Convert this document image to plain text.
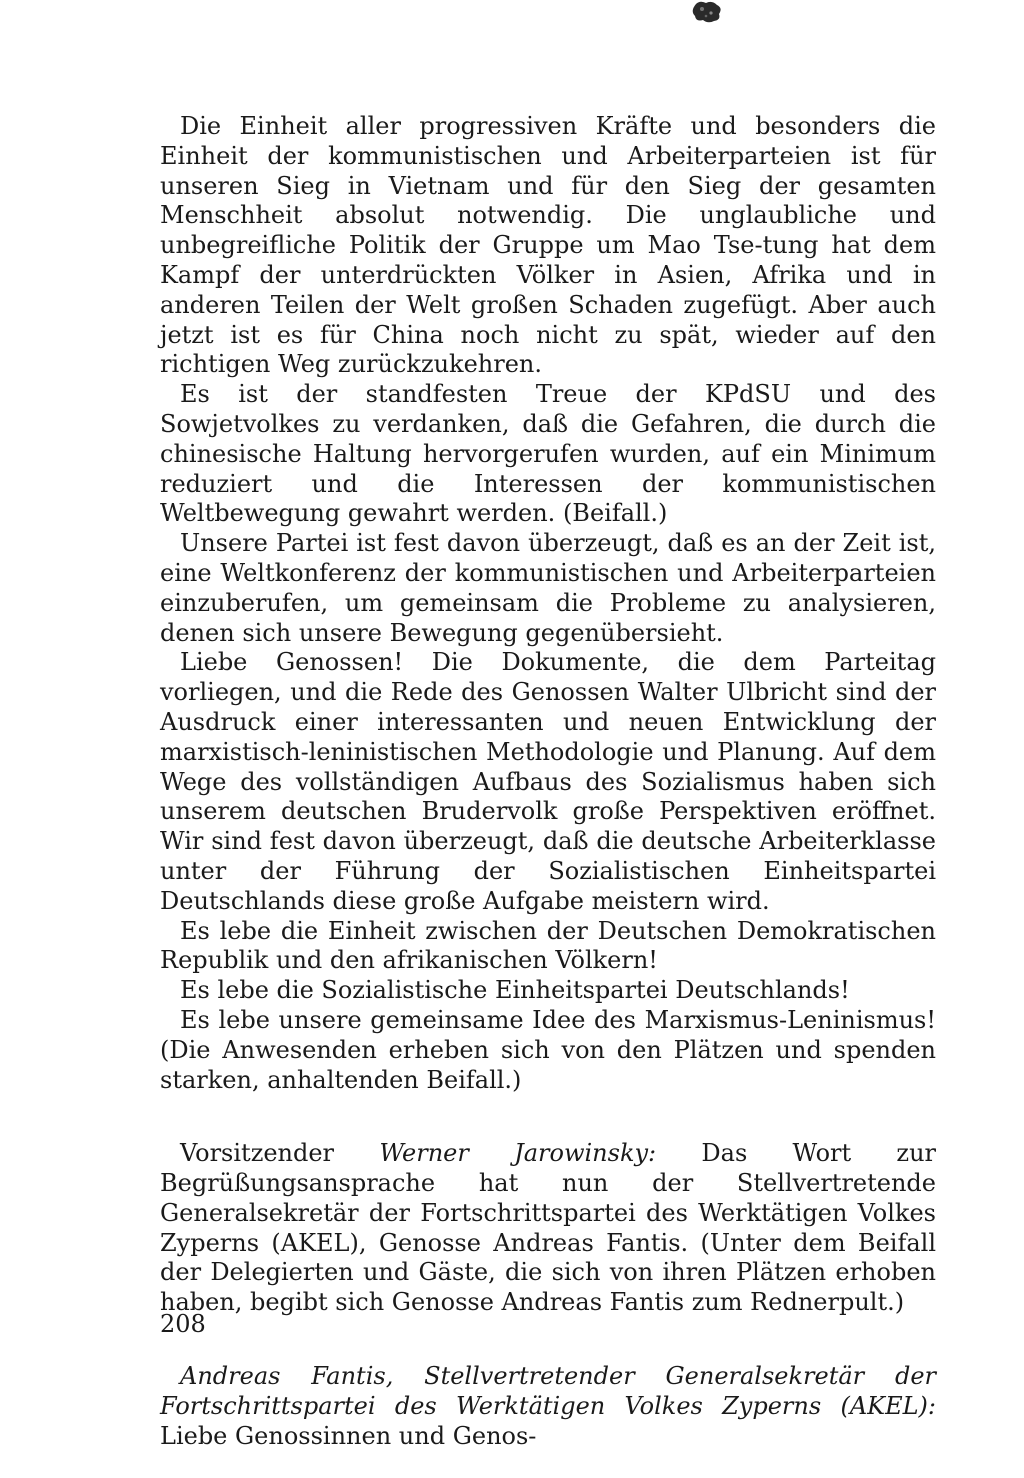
Die Einheit aller progressiven Kräfte und besonders die Einheit der kommunistischen und Arbeiterparteien ist für unseren Sieg in Vietnam und für den Sieg der gesamten Menschheit absolut notwendig. Die unglaubliche und unbegreifliche Politik der Gruppe um Mao Tse-tung hat dem Kampf der unterdrückten Völker in Asien, Afrika und in anderen Teilen der Welt großen Schaden zugefügt. Aber auch jetzt ist es für China noch nicht zu spät, wieder auf den richtigen Weg zurückzukehren.

Es ist der standfesten Treue der KPdSU und des Sowjetvolkes zu verdanken, daß die Gefahren, die durch die chinesische Haltung hervorgerufen wurden, auf ein Minimum reduziert und die Interessen der kommunistischen Weltbewegung gewahrt werden. (Beifall.)

Unsere Partei ist fest davon überzeugt, daß es an der Zeit ist, eine Weltkonferenz der kommunistischen und Arbeiterparteien einzuberufen, um gemeinsam die Probleme zu analysieren, denen sich unsere Bewegung gegenübersieht.

Liebe Genossen! Die Dokumente, die dem Parteitag vorliegen, und die Rede des Genossen Walter Ulbricht sind der Ausdruck einer interessanten und neuen Entwicklung der marxistisch-leninistischen Methodologie und Planung. Auf dem Wege des vollständigen Aufbaus des Sozialismus haben sich unserem deutschen Brudervolk große Perspektiven eröffnet. Wir sind fest davon überzeugt, daß die deutsche Arbeiterklasse unter der Führung der Sozialistischen Einheitspartei Deutschlands diese große Aufgabe meistern wird.

Es lebe die Einheit zwischen der Deutschen Demokratischen Republik und den afrikanischen Völkern!

Es lebe die Sozialistische Einheitspartei Deutschlands!

Es lebe unsere gemeinsame Idee des Marxismus-Leninismus! (Die Anwesenden erheben sich von den Plätzen und spenden starken, anhaltenden Beifall.)

Vorsitzender Werner Jarowinsky: Das Wort zur Begrüßungsansprache hat nun der Stellvertretende Generalsekretär der Fortschrittspartei des Werktätigen Volkes Zyperns (AKEL), Genosse Andreas Fantis. (Unter dem Beifall der Delegierten und Gäste, die sich von ihren Plätzen erhoben haben, begibt sich Genosse Andreas Fantis zum Rednerpult.)

Andreas Fantis, Stellvertretender Generalsekretär der Fortschrittspartei des Werktätigen Volkes Zyperns (AKEL): Liebe Genossinnen und Genos-

208
